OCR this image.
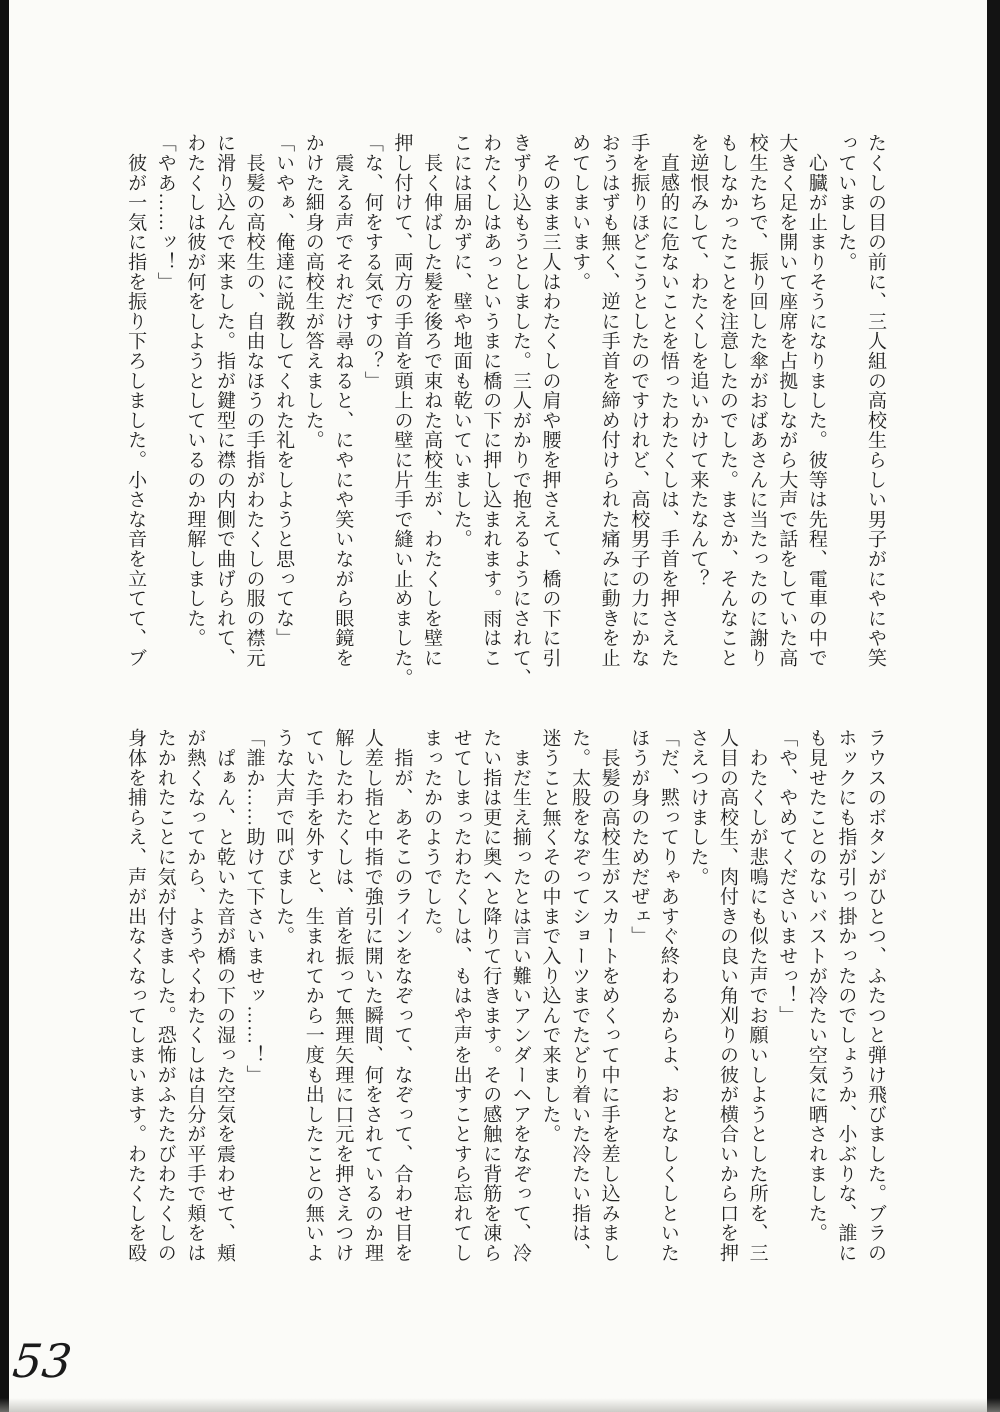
たくしの目の前に、三人組の高校生らしい男子がにやにや笑
っていました。
　心臓が止まりそうになりました。彼等は先程、電車の中で
大きく足を開いて座席を占拠しながら大声で話をしていた高
校生たちで、振り回した傘がおばあさんに当たったのに謝り
もしなかったことを注意したのでした。まさか、そんなこと
を逆恨みして、わたくしを追いかけて来たなんて？
　直感的に危ないことを悟ったわたくしは、手首を押さえた
手を振りほどこうとしたのですけれど、高校男子の力にかな
おうはずも無く、逆に手首を締め付けられた痛みに動きを止
めてしまいます。
　そのまま三人はわたくしの肩や腰を押さえて、橋の下に引
きずり込もうとしました。三人がかりで抱えるようにされて、
わたくしはあっというまに橋の下に押し込まれます。雨はこ
こには届かずに、壁や地面も乾いていました。
　長く伸ばした髪を後ろで束ねた高校生が、わたくしを壁に
押し付けて、両方の手首を頭上の壁に片手で縫い止めました。
「な、何をする気ですの？」
　震える声でそれだけ尋ねると、にやにや笑いながら眼鏡を
かけた細身の高校生が答えました。
「いやぁ、俺達に説教してくれた礼をしようと思ってな」
　長髪の高校生の、自由なほうの手指がわたくしの服の襟元
に滑り込んで来ました。指が鍵型に襟の内側で曲げられて、
わたくしは彼が何をしようとしているのか理解しました。
「やあ……ッ！」
　彼が一気に指を振り下ろしました。小さな音を立てて、ブ
ラウスのボタンがひとつ、ふたつと弾け飛びました。ブラの
ホックにも指が引っ掛かったのでしょうか、小ぶりな、誰に
も見せたことのないバストが冷たい空気に晒されました。
「や、やめてくださいませっ！」
　わたくしが悲鳴にも似た声でお願いしようとした所を、三
人目の高校生、肉付きの良い角刈りの彼が横合いから口を押
さえつけました。
「だ、黙ってりゃあすぐ終わるからよ、おとなしくしといた
ほうが身のためだぜェ」
　長髪の高校生がスカートをめくって中に手を差し込みまし
た。太股をなぞってショーツまでたどり着いた冷たい指は、
迷うこと無くその中まで入り込んで来ました。
　まだ生え揃ったとは言い難いアンダーヘアをなぞって、冷
たい指は更に奥へと降りて行きます。その感触に背筋を凍ら
せてしまったわたくしは、もはや声を出すことすら忘れてし
まったかのようでした。
　指が、あそこのラインをなぞって、なぞって、合わせ目を
人差し指と中指で強引に開いた瞬間、何をされているのか理
解したわたくしは、首を振って無理矢理に口元を押さえつけ
ていた手を外すと、生まれてから一度も出したことの無いよ
うな大声で叫びました。
「誰か……助けて下さいませッ……！」
　ぱぁん、と乾いた音が橋の下の湿った空気を震わせて、頬
が熱くなってから、ようやくわたくしは自分が平手で頬をは
たかれたことに気が付きました。恐怖がふたたびわたくしの
身体を捕らえ、声が出なくなってしまいます。わたくしを殴
53
